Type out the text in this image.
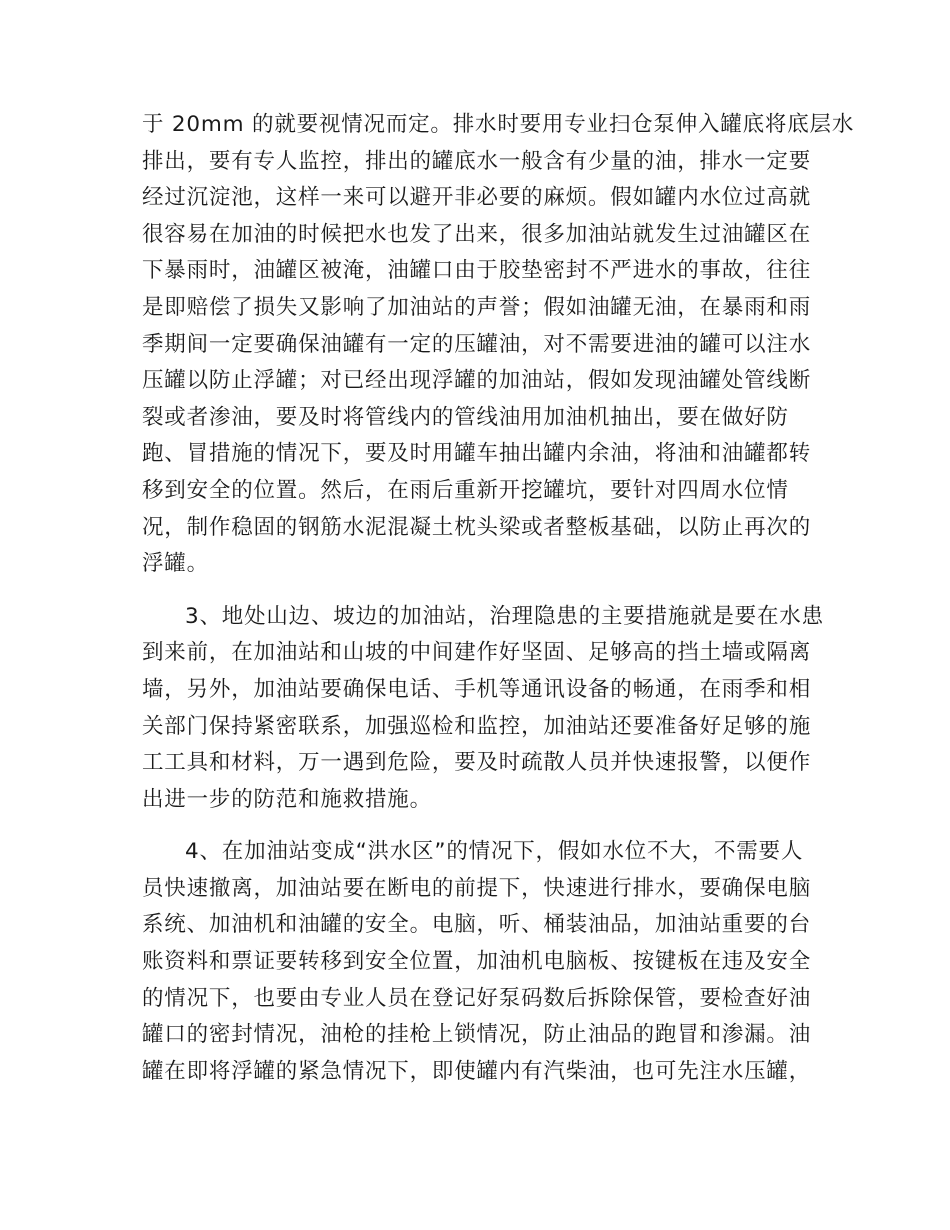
于 20mm 的就要视情况而定。排水时要用专业扫仓泵伸入罐底将底层水
排出，要有专人监控，排出的罐底水一般含有少量的油，排水一定要
经过沉淀池，这样一来可以避开非必要的麻烦。假如罐内水位过高就
很容易在加油的时候把水也发了出来，很多加油站就发生过油罐区在
下暴雨时，油罐区被淹，油罐口由于胶垫密封不严进水的事故，往往
是即赔偿了损失又影响了加油站的声誉；假如油罐无油，在暴雨和雨
季期间一定要确保油罐有一定的压罐油，对不需要进油的罐可以注水
压罐以防止浮罐；对已经出现浮罐的加油站，假如发现油罐处管线断
裂或者渗油，要及时将管线内的管线油用加油机抽出，要在做好防
跑、冒措施的情况下，要及时用罐车抽出罐内余油，将油和油罐都转
移到安全的位置。然后，在雨后重新开挖罐坑，要针对四周水位情
况，制作稳固的钢筋水泥混凝土枕头梁或者整板基础，以防止再次的
浮罐。
3、地处山边、坡边的加油站，治理隐患的主要措施就是要在水患
到来前，在加油站和山坡的中间建作好坚固、足够高的挡土墙或隔离
墙，另外，加油站要确保电话、手机等通讯设备的畅通，在雨季和相
关部门保持紧密联系，加强巡检和监控，加油站还要准备好足够的施
工工具和材料，万一遇到危险，要及时疏散人员并快速报警，以便作
出进一步的防范和施救措施。
4、在加油站变成“洪水区”的情况下，假如水位不大，不需要人
员快速撤离，加油站要在断电的前提下，快速进行排水，要确保电脑
系统、加油机和油罐的安全。电脑，听、桶装油品，加油站重要的台
账资料和票证要转移到安全位置，加油机电脑板、按键板在违及安全
的情况下，也要由专业人员在登记好泵码数后拆除保管，要检查好油
罐口的密封情况，油枪的挂枪上锁情况，防止油品的跑冒和渗漏。油
罐在即将浮罐的紧急情况下，即使罐内有汽柴油，也可先注水压罐，
